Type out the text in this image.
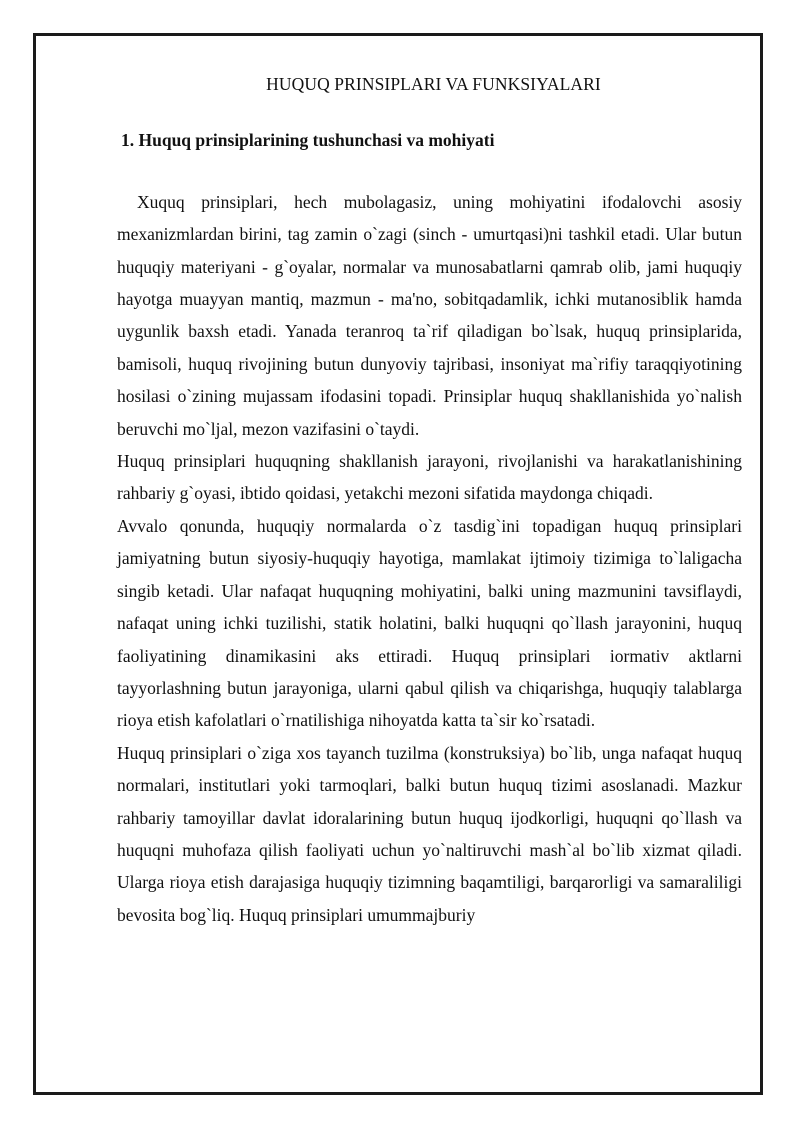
HUQUQ PRINSIPLARI VA FUNKSIYALARI
1. Huquq prinsiplarining tushunchasi va mohiyati

Xuquq prinsiplari, hech mubolagasiz, uning mohiyatini ifodalovchi asosiy mexanizmlardan birini, tag zamin o`zagi (sinch - umurtqasi)ni tashkil etadi. Ular butun huquqiy materiyani - g`oyalar, normalar va munosabatlarni qamrab olib, jami huquqiy hayotga muayyan mantiq, mazmun - ma'no, sobitqadamlik, ichki mutanosiblik hamda uygunlik baxsh etadi. Yanada teranroq ta`rif qiladigan bo`lsak, huquq prinsiplarida, bamisoli, huquq rivojining butun dunyoviy tajribasi, insoniyat ma`rifiy taraqqiyotining hosilasi o`zining mujassam ifodasini topadi. Prinsiplar huquq shakllanishida yo`nalish beruvchi mo`ljal, mezon vazifasini o`taydi.

Huquq prinsiplari huquqning shakllanish jarayoni, rivojlanishi va harakatlanishining rahbariy g`oyasi, ibtido qoidasi, yetakchi mezoni sifatida maydonga chiqadi.

Avvalo qonunda, huquqiy normalarda o`z tasdig`ini topadigan huquq prinsiplari jamiyatning butun siyosiy-huquqiy hayotiga, mamlakat ijtimoiy tizimiga to`laligacha singib ketadi. Ular nafaqat huquqning mohiyatini, balki uning mazmunini tavsiflaydi, nafaqat uning ichki tuzilishi, statik holatini, balki huquqni qo`llash jarayonini, huquq faoliyatining dinamikasini aks ettiradi. Huquq prinsiplari iormativ aktlarni tayyorlashning butun jarayoniga, ularni qabul qilish va chiqarishga, huquqiy talablarga rioya etish kafolatlari o`rnatilishiga nihoyatda katta ta`sir ko`rsatadi.

Huquq prinsiplari o`ziga xos tayanch tuzilma (konstruksiya) bo`lib, unga nafaqat huquq normalari, institutlari yoki tarmoqlari, balki butun huquq tizimi asoslanadi. Mazkur rahbariy tamoyillar davlat idoralarining butun huquq ijodkorligi, huquqni qo`llash va huquqni muhofaza qilish faoliyati uchun yo`naltiruvchi mash`al bo`lib xizmat qiladi. Ularga rioya etish darajasiga huquqiy tizimning baqamtiligi, barqarorligi va samaraliligi bevosita bog`liq. Huquq prinsiplari umummajburiy
